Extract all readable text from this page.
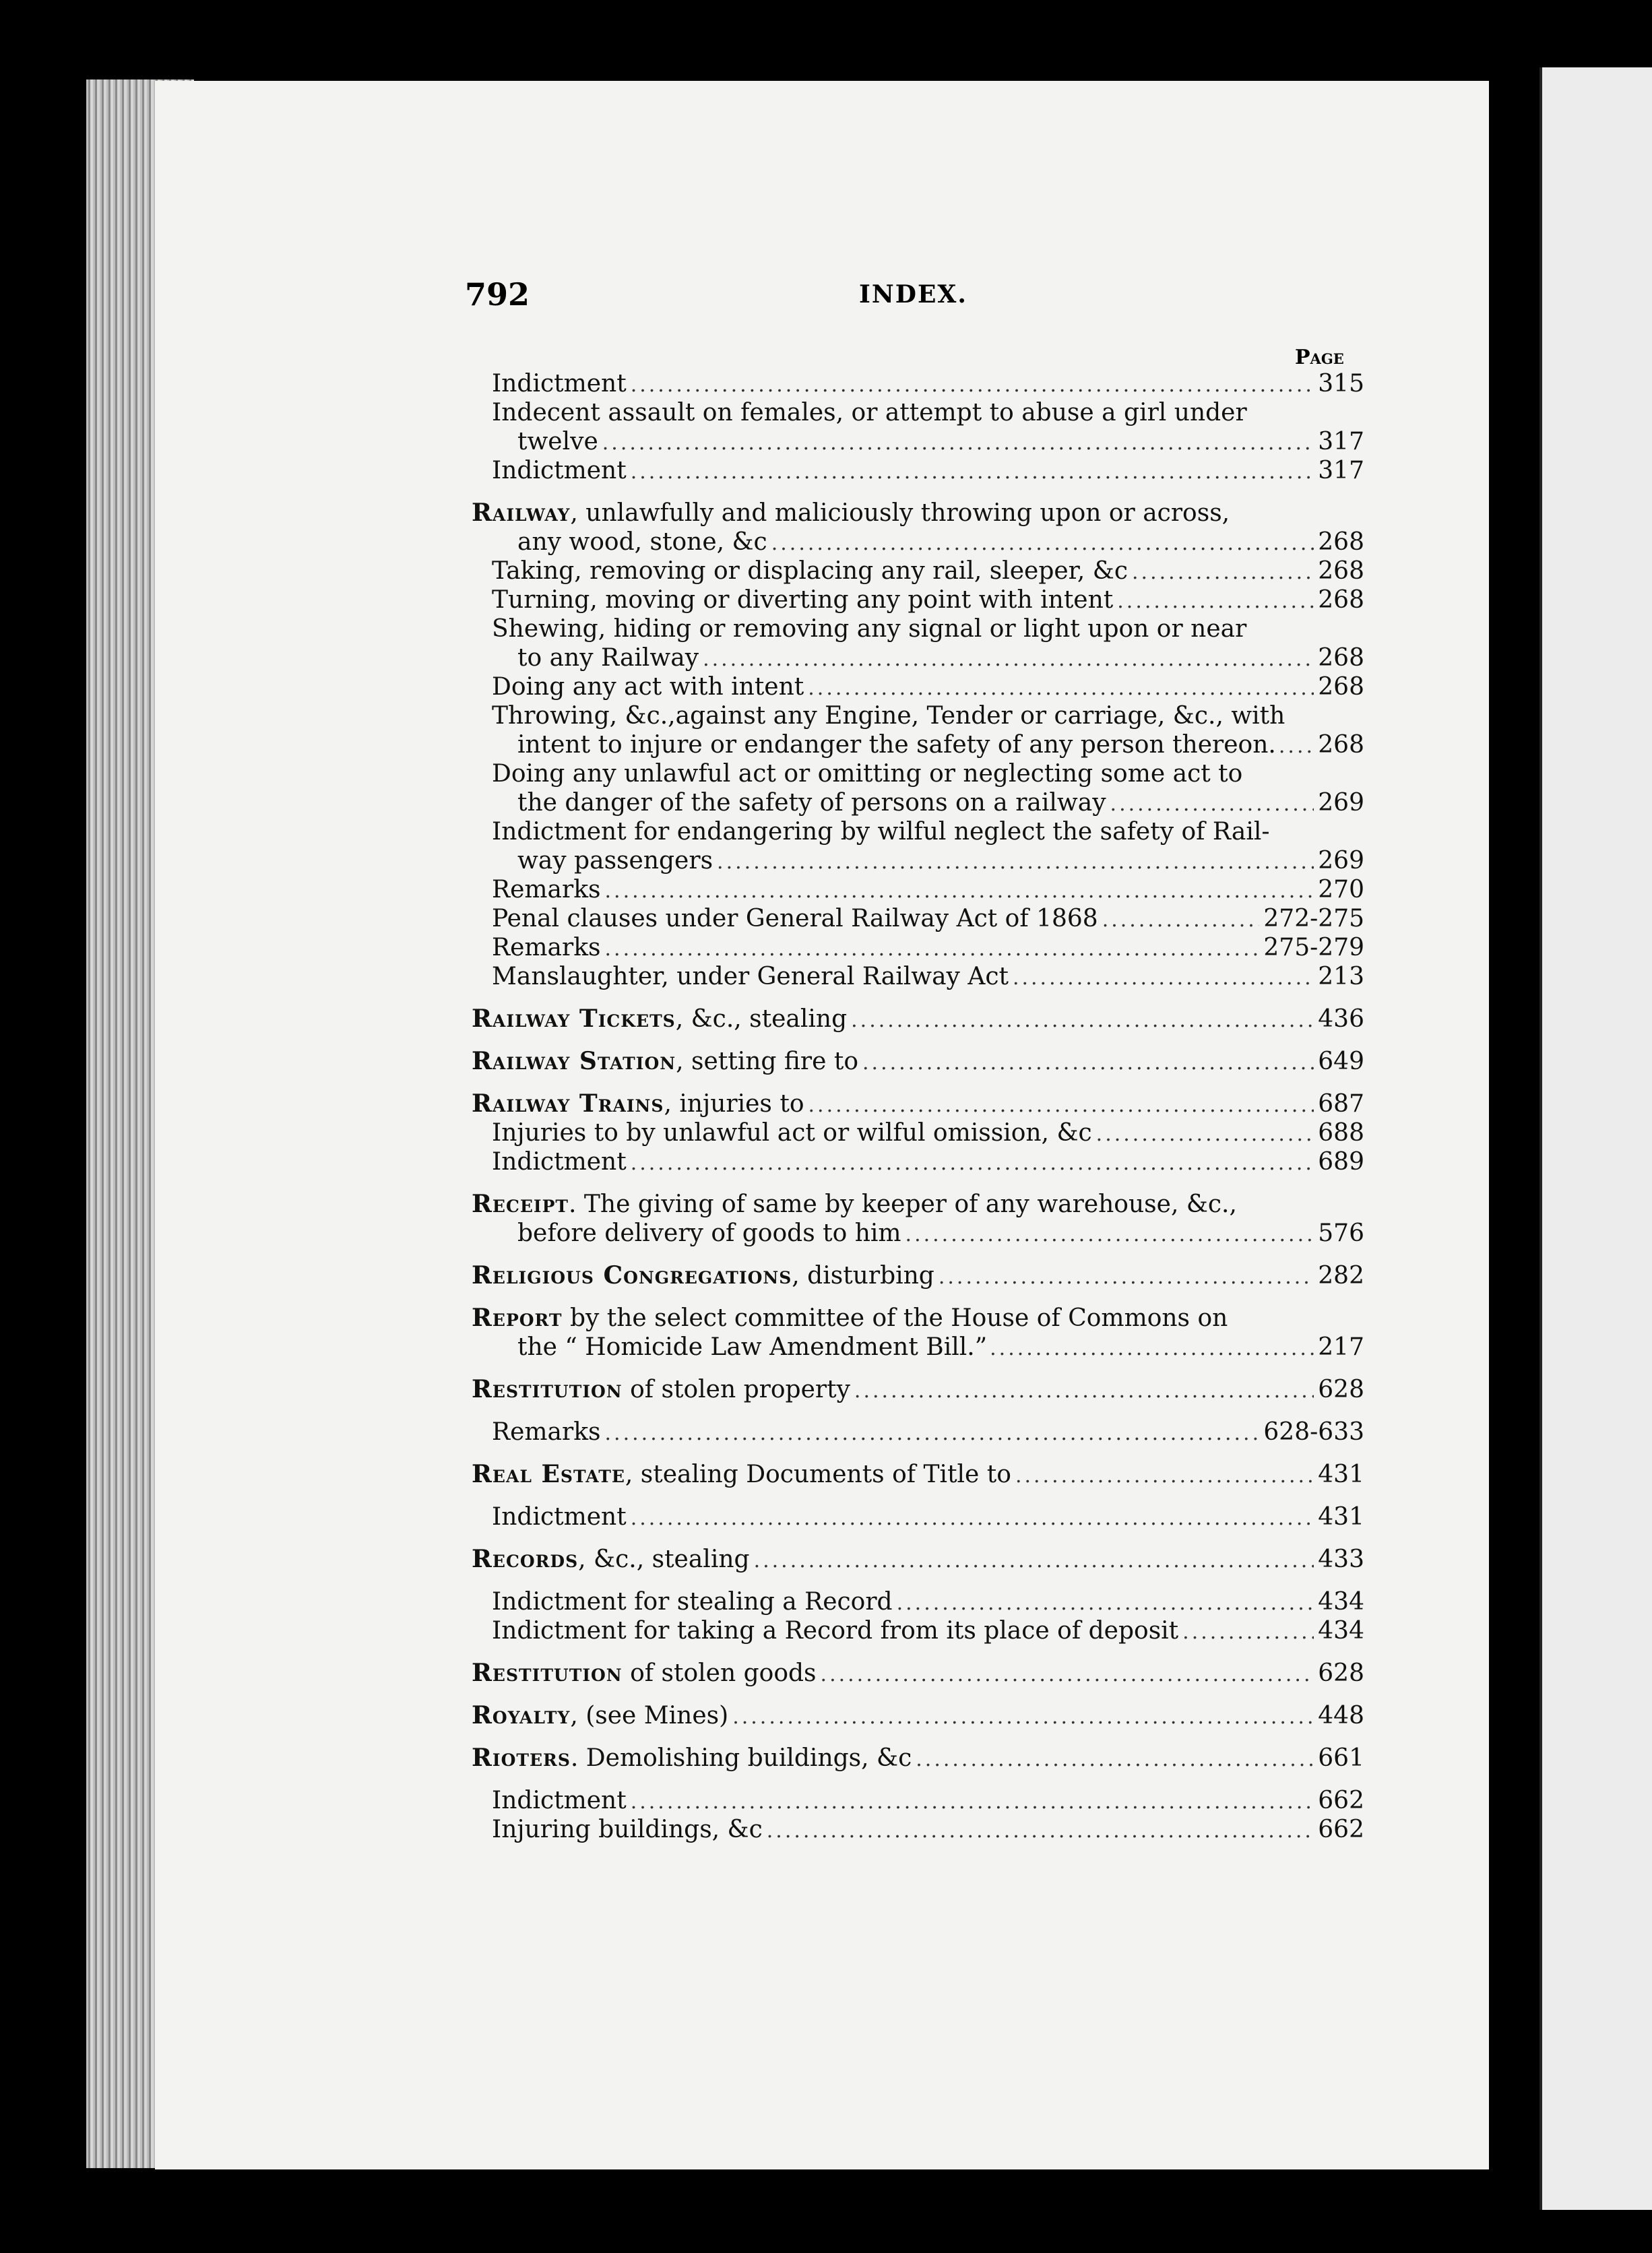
792	INDEX.
Page
Indictment .....	315
Indecent assault on females, or attempt to abuse a girl under
twelve .....	317
Indictment .....	317
Railway, unlawfully and maliciously throwing upon or across,
any wood, stone, &c .....	268
Taking, removing or displacing any rail, sleeper, &c .....	268
Turning, moving or diverting any point with intent .....	268
Shewing, hiding or removing any signal or light upon or near
to any Railway .....	268
Doing any act with intent .....	268
Throwing, &c.,against any Engine, Tender or carriage, &c., with
intent to injure or endanger the safety of any person thereon. ..... 268
Doing any unlawful act or omitting or neglecting some act to
the danger of the safety of persons on a railway .....	269
Indictment for endangering by wilful neglect the safety of Rail-
way passengers .....	269
Remarks .....	270
Penal clauses under General Railway Act of 1868 .....	272-275
Remarks .....	275-279
Manslaughter, under General Railway Act .....	213
Railway Tickets, &c., stealing .....	436
Railway Station, setting fire to .....	649
Railway Trains, injuries to .....	687
Injuries to by unlawful act or wilful omission, &c .....	688
Indictment .....	689
Receipt. The giving of same by keeper of any warehouse, &c.,
before delivery of goods to him .....	576
Religious Congregations, disturbing .....	282
Report by the select committee of the House of Commons on
the “ Homicide Law Amendment Bill.” .....	217
Restitution of stolen property .....	628
Remarks .....	628-633
Real Estate, stealing Documents of Title to .....	431
Indictment .....	431
Records, &c., stealing .....	433
Indictment for stealing a Record .....	434
Indictment for taking a Record from its place of deposit .....	434
Restitution of stolen goods .....	628
Royalty, (see Mines) .....	448
Rioters. Demolishing buildings, &c .....	661
Indictment .....	662
Injuring buildings, &c .....	662
